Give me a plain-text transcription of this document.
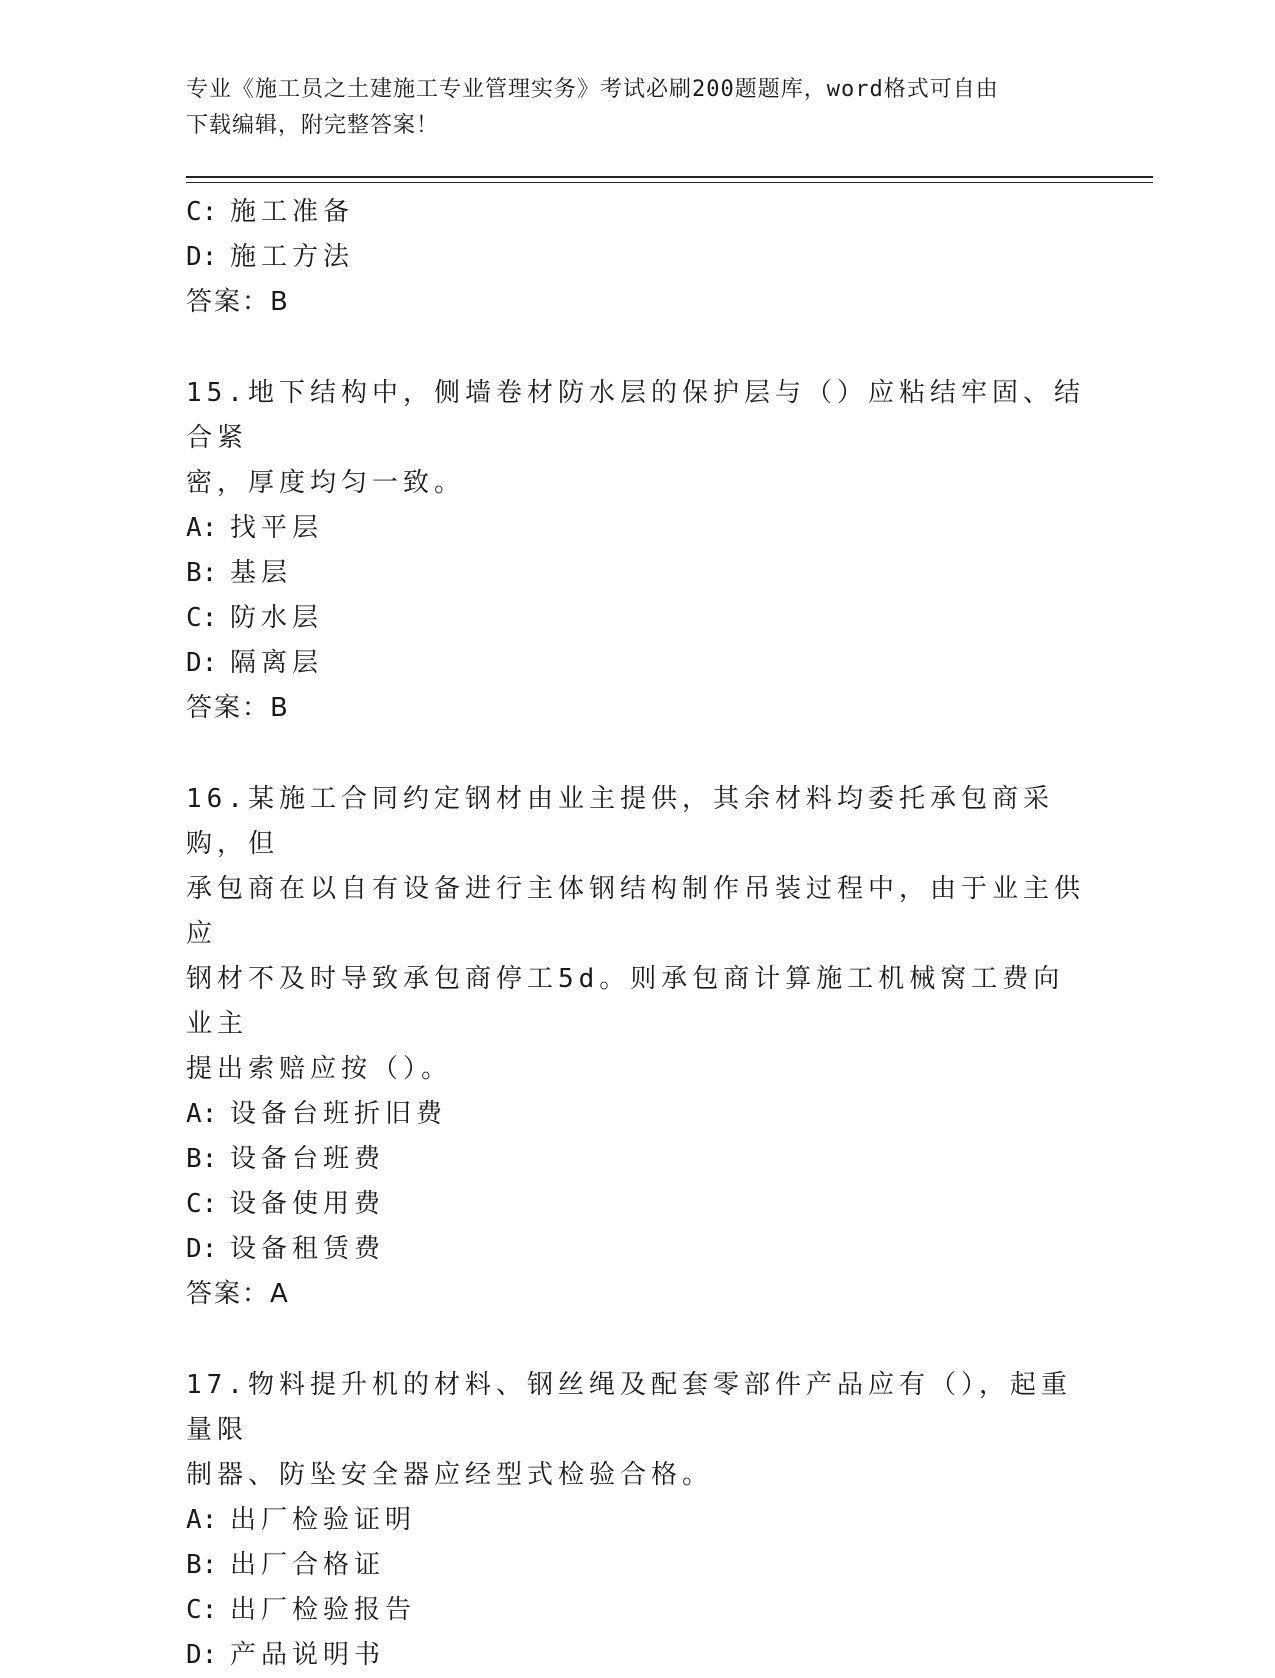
专业《施工员之土建施工专业管理实务》考试必刷200题题库，word格式可自由
下载编辑，附完整答案！
C: 施工准备
D: 施工方法
答案：B
15.地下结构中，侧墙卷材防水层的保护层与（）应粘结牢固、结合紧
密，厚度均匀一致。
A: 找平层
B: 基层
C: 防水层
D: 隔离层
答案：B
16.某施工合同约定钢材由业主提供，其余材料均委托承包商采购，但
承包商在以自有设备进行主体钢结构制作吊装过程中，由于业主供应
钢材不及时导致承包商停工5d。则承包商计算施工机械窝工费向业主
提出索赔应按（）。
A: 设备台班折旧费
B: 设备台班费
C: 设备使用费
D: 设备租赁费
答案：A
17.物料提升机的材料、钢丝绳及配套零部件产品应有（），起重量限
制器、防坠安全器应经型式检验合格。
A: 出厂检验证明
B: 出厂合格证
C: 出厂检验报告
D: 产品说明书
